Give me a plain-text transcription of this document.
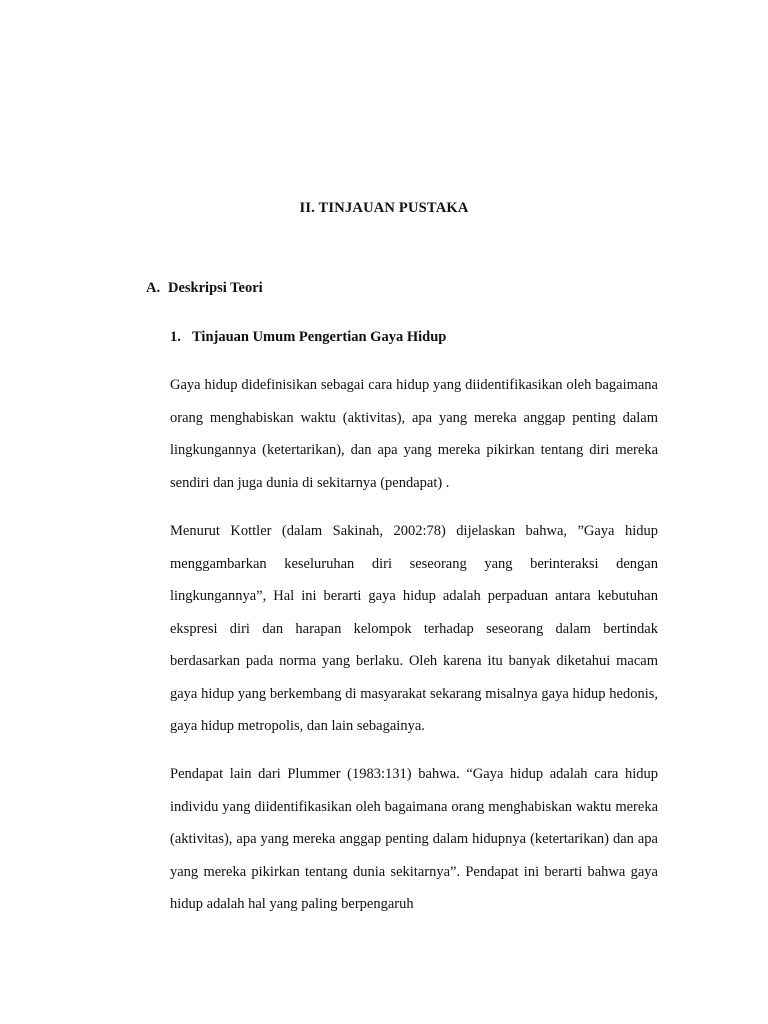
II. TINJAUAN PUSTAKA
A. Deskripsi Teori
1. Tinjauan Umum Pengertian Gaya Hidup

Gaya hidup didefinisikan sebagai cara hidup yang diidentifikasikan oleh bagaimana orang menghabiskan waktu (aktivitas), apa yang mereka anggap penting dalam lingkungannya (ketertarikan), dan apa yang mereka pikirkan tentang diri mereka sendiri dan juga dunia di sekitarnya (pendapat) .

Menurut Kottler (dalam Sakinah, 2002:78) dijelaskan bahwa, ”Gaya hidup menggambarkan keseluruhan diri seseorang yang berinteraksi dengan lingkungannya”, Hal ini berarti gaya hidup adalah perpaduan antara kebutuhan ekspresi diri dan harapan kelompok terhadap seseorang dalam bertindak berdasarkan pada norma yang berlaku. Oleh karena itu banyak diketahui macam gaya hidup yang berkembang di masyarakat sekarang misalnya gaya hidup hedonis, gaya hidup metropolis, dan lain sebagainya.

Pendapat lain dari Plummer (1983:131) bahwa. “Gaya hidup adalah cara hidup individu yang diidentifikasikan oleh bagaimana orang menghabiskan waktu mereka (aktivitas), apa yang mereka anggap penting dalam hidupnya (ketertarikan) dan apa yang mereka pikirkan tentang dunia sekitarnya”. Pendapat ini berarti bahwa gaya hidup adalah hal yang paling berpengaruh
